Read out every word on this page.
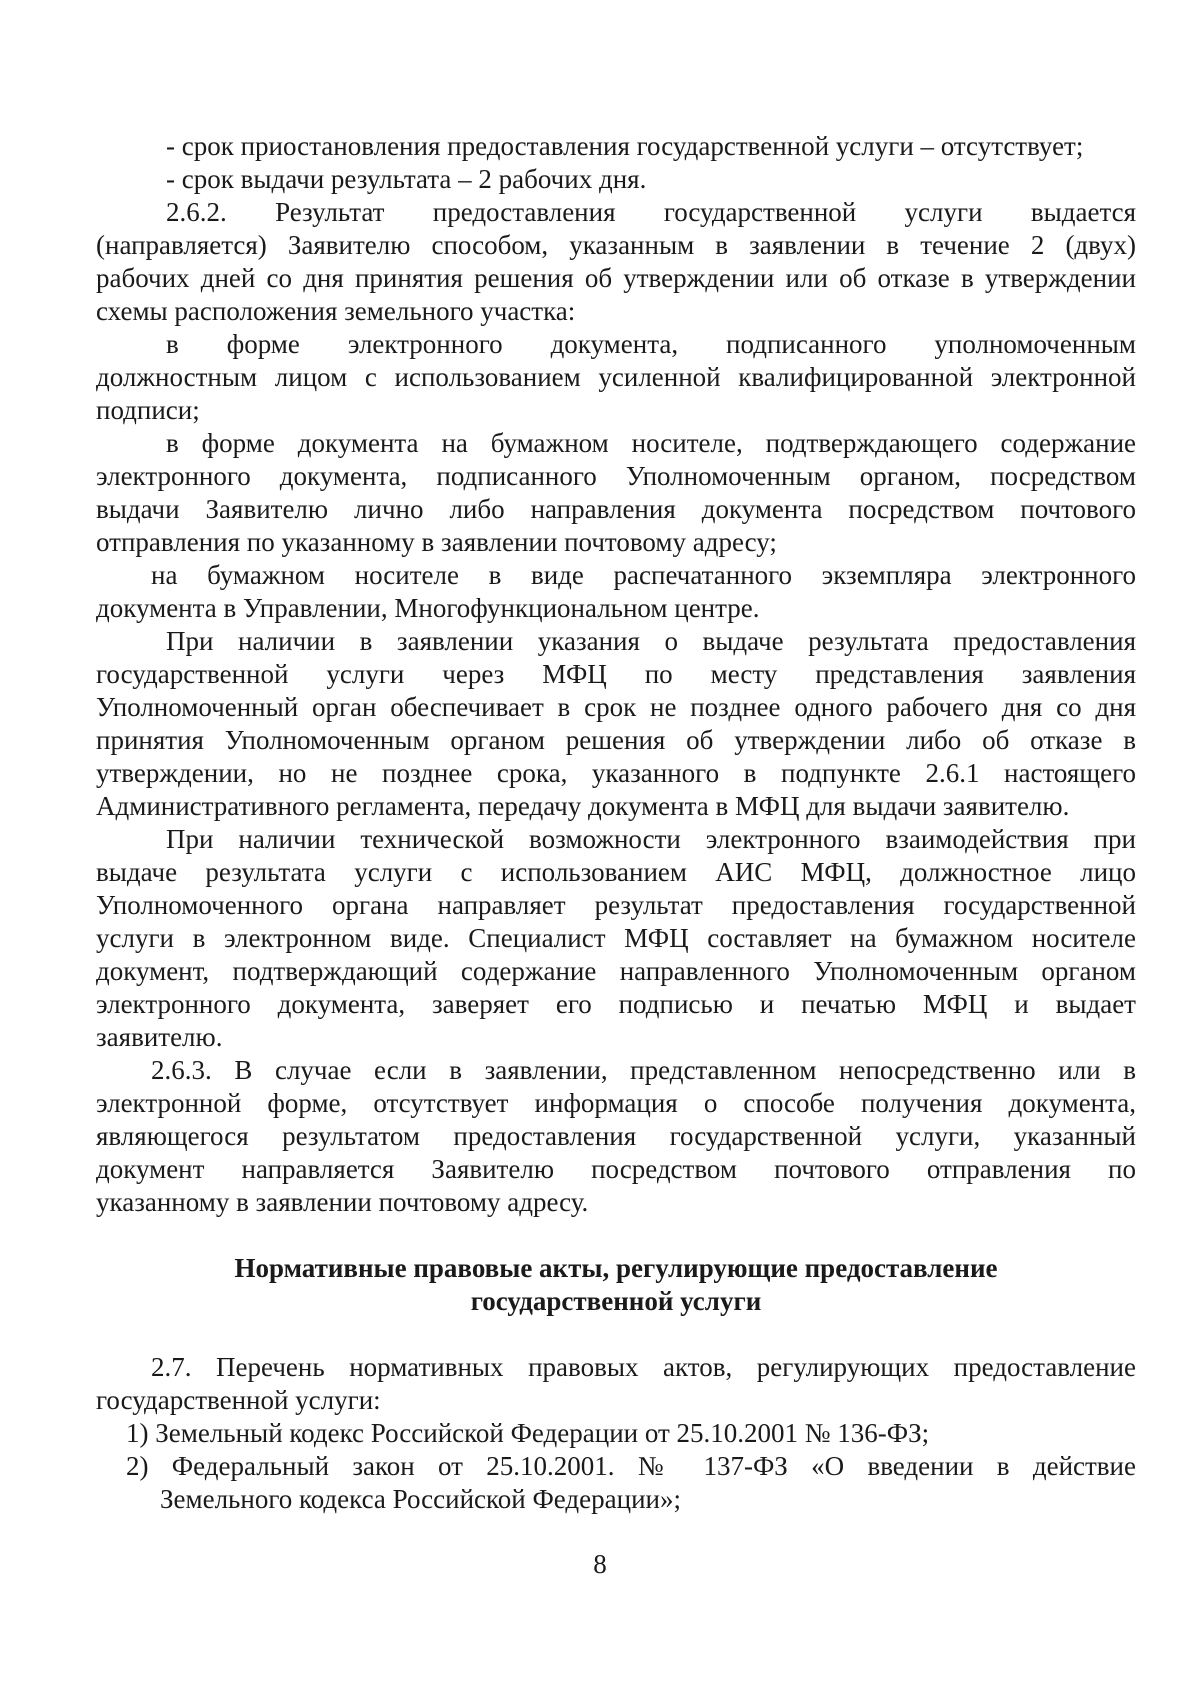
- срок приостановления предоставления государственной услуги – отсутствует;
- срок выдачи результата – 2 рабочих дня.
2.6.2. Результат предоставления государственной услуги выдается
(направляется) Заявителю способом, указанным в заявлении в течение 2 (двух)
рабочих дней со дня принятия решения об утверждении или об отказе в утверждении
схемы расположения земельного участка:
в форме электронного документа, подписанного уполномоченным
должностным лицом с использованием усиленной квалифицированной электронной
подписи;
в форме документа на бумажном носителе, подтверждающего содержание
электронного документа, подписанного Уполномоченным органом, посредством
выдачи Заявителю лично либо направления документа посредством почтового
отправления по указанному в заявлении почтовому адресу;
на бумажном носителе в виде распечатанного экземпляра электронного
документа в Управлении, Многофункциональном центре.
При наличии в заявлении указания о выдаче результата предоставления
государственной услуги через МФЦ по месту представления заявления
Уполномоченный орган обеспечивает в срок не позднее одного рабочего дня со дня
принятия Уполномоченным органом решения об утверждении либо об отказе в
утверждении, но не позднее срока, указанного в подпункте 2.6.1 настоящего
Административного регламента, передачу документа в МФЦ для выдачи заявителю.
При наличии технической возможности электронного взаимодействия при
выдаче результата услуги с использованием АИС МФЦ, должностное лицо
Уполномоченного органа направляет результат предоставления государственной
услуги в электронном виде. Специалист МФЦ составляет на бумажном носителе
документ, подтверждающий содержание направленного Уполномоченным органом
электронного документа, заверяет его подписью и печатью МФЦ и выдает
заявителю.
2.6.3. В случае если в заявлении, представленном непосредственно или в
электронной форме, отсутствует информация о способе получения документа,
являющегося результатом предоставления государственной услуги, указанный
документ направляется Заявителю посредством почтового отправления по
указанному в заявлении почтовому адресу.
Нормативные правовые акты, регулирующие предоставление
государственной услуги
2.7. Перечень нормативных правовых актов, регулирующих предоставление
государственной услуги:
1) Земельный кодекс Российской Федерации от 25.10.2001 № 136-ФЗ;
2) Федеральный закон от 25.10.2001. № 137-ФЗ «О введении в действие
Земельного кодекса Российской Федерации»;
8
